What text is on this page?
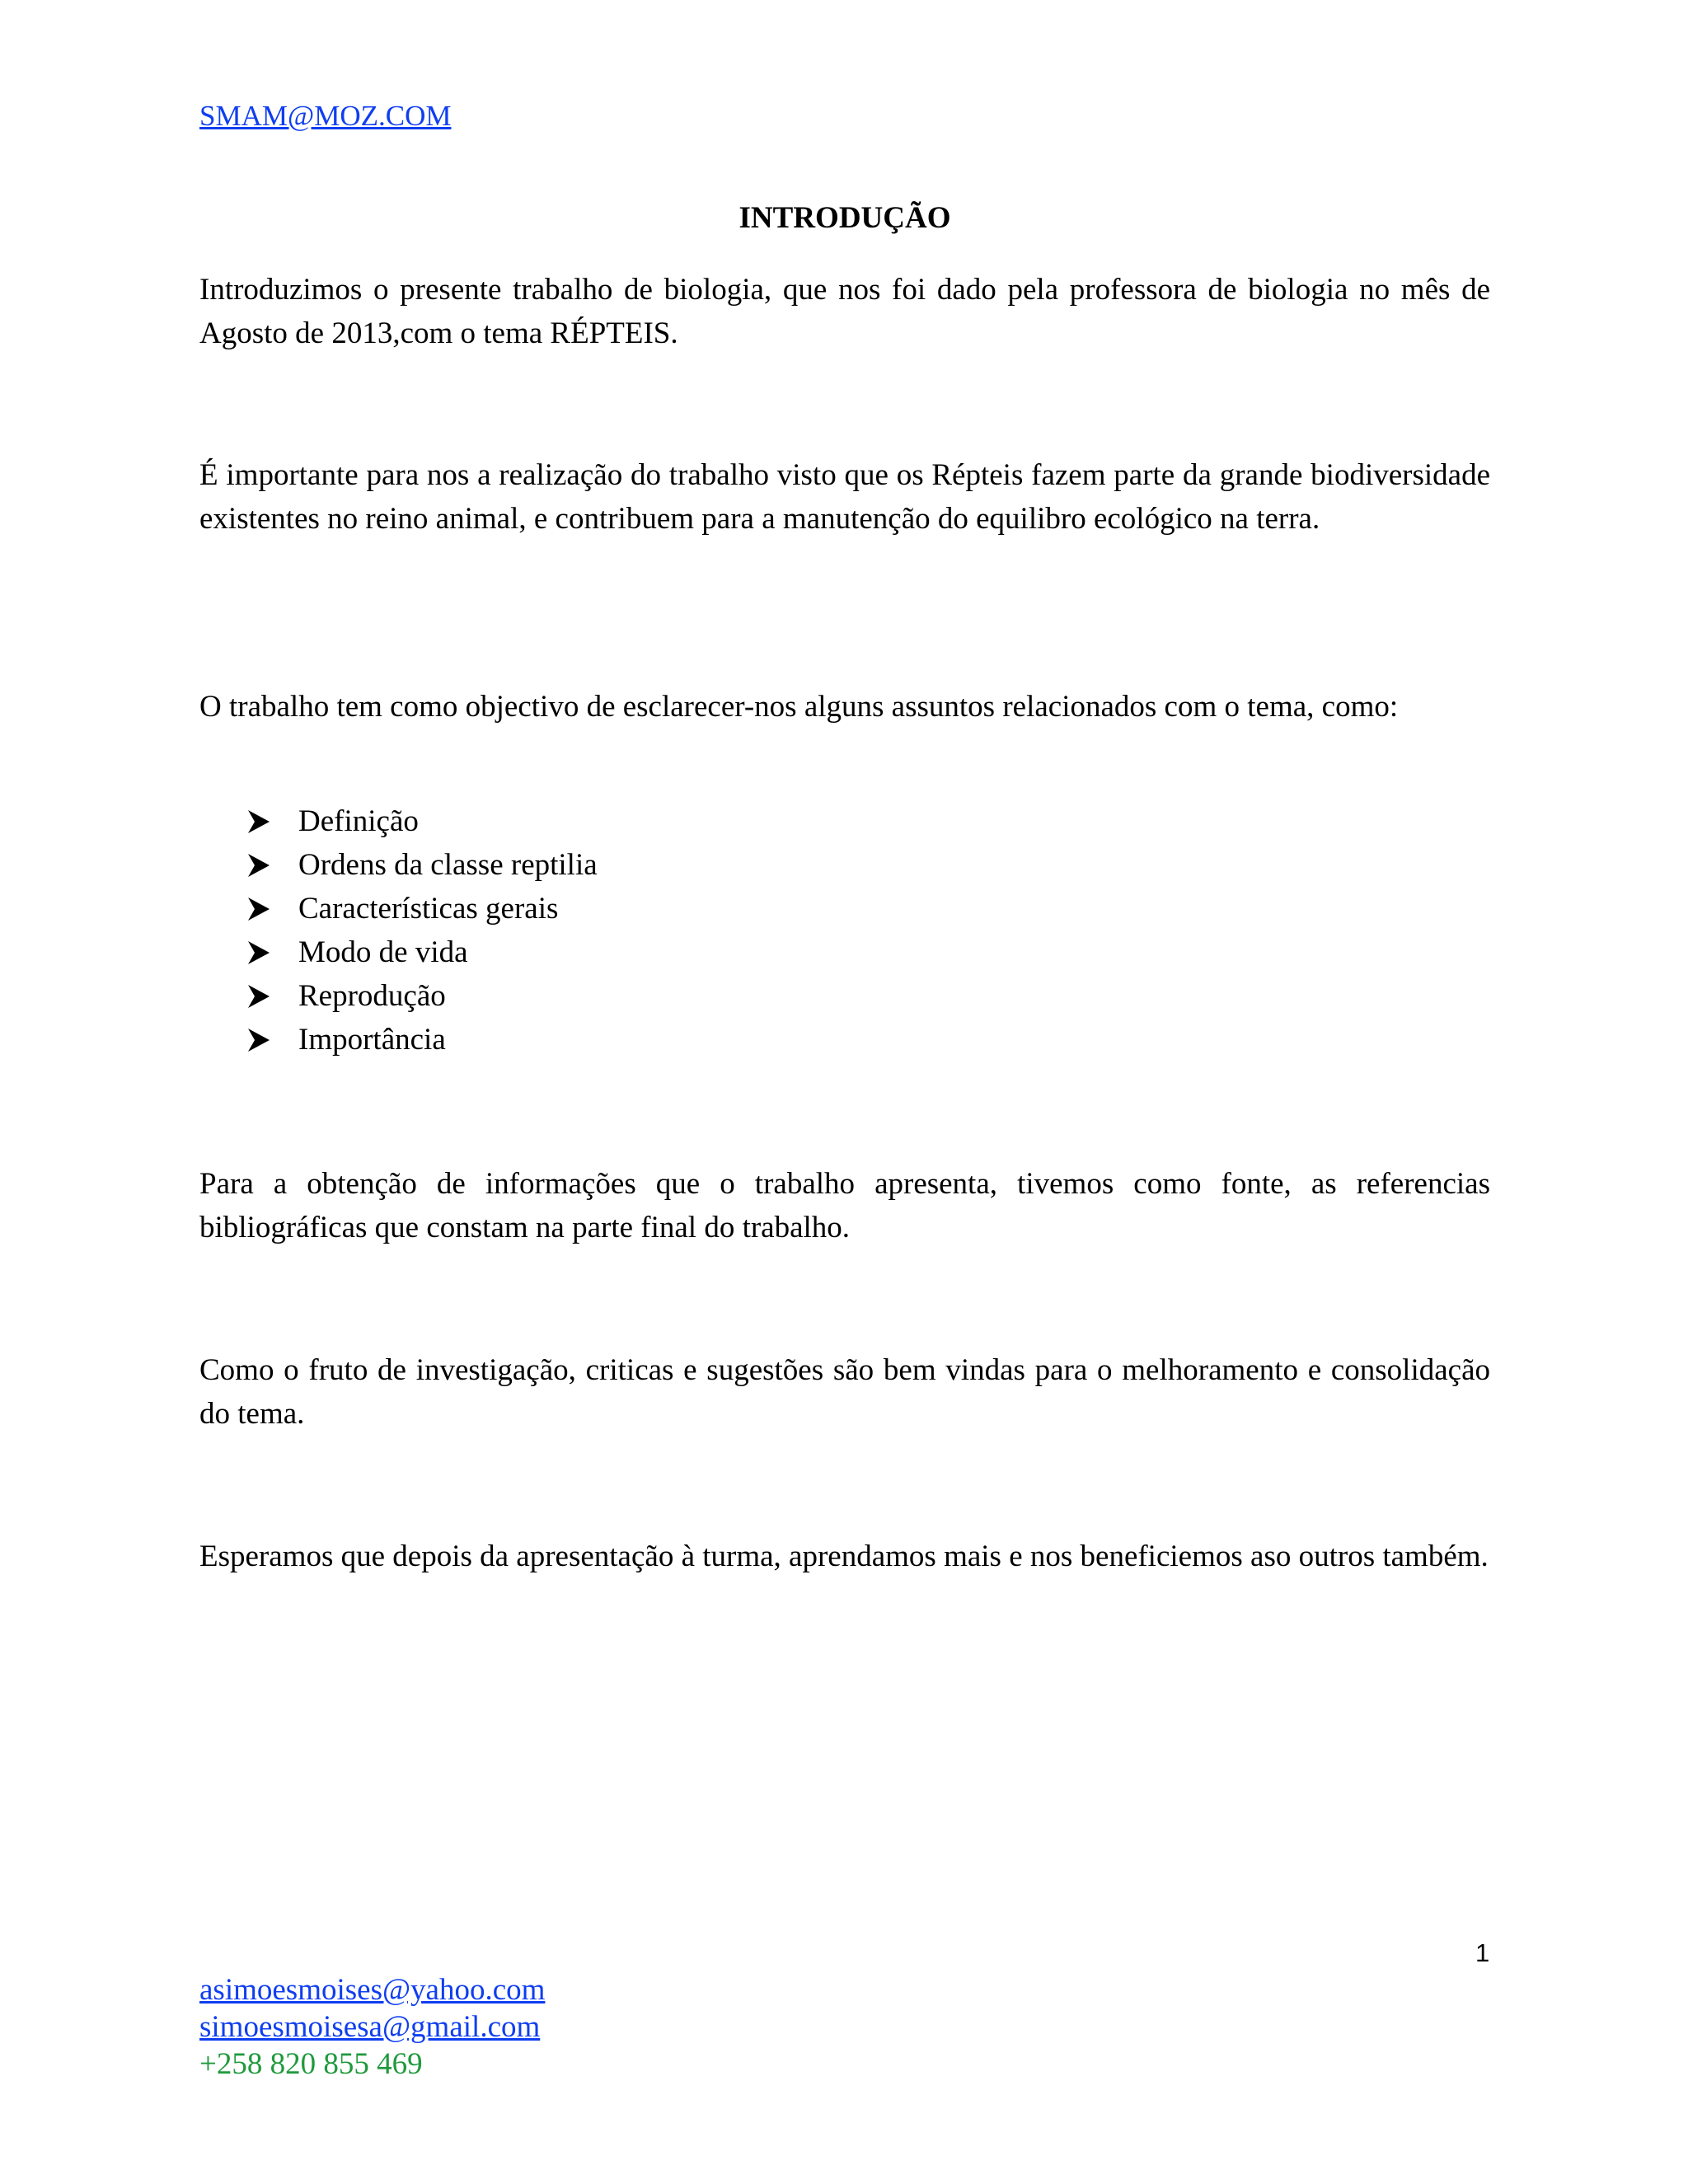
SMAM@MOZ.COM
INTRODUÇÃO

Introduzimos o presente trabalho de biologia, que nos foi dado pela professora de biologia no mês de Agosto de 2013,com o tema RÉPTEIS.

É importante para nos a realização do trabalho visto que os Répteis fazem parte da grande biodiversidade existentes no reino animal, e contribuem para a manutenção do equilibro ecológico na terra.

O trabalho tem como objectivo de esclarecer-nos alguns assuntos relacionados com o tema, como:

Definição
Ordens da classe reptilia
Características gerais
Modo de vida
Reprodução
Importância

Para a obtenção de informações que o trabalho apresenta, tivemos como fonte, as referencias bibliográficas que constam na parte final do trabalho.

Como o fruto de investigação, criticas e sugestões são bem vindas para o melhoramento e consolidação do tema.

Esperamos que depois da apresentação à turma, aprendamos mais e nos beneficiemos aso outros também.

1
asimoesmoises@yahoo.com
simoesmoisesa@gmail.com
+258 820 855 469
